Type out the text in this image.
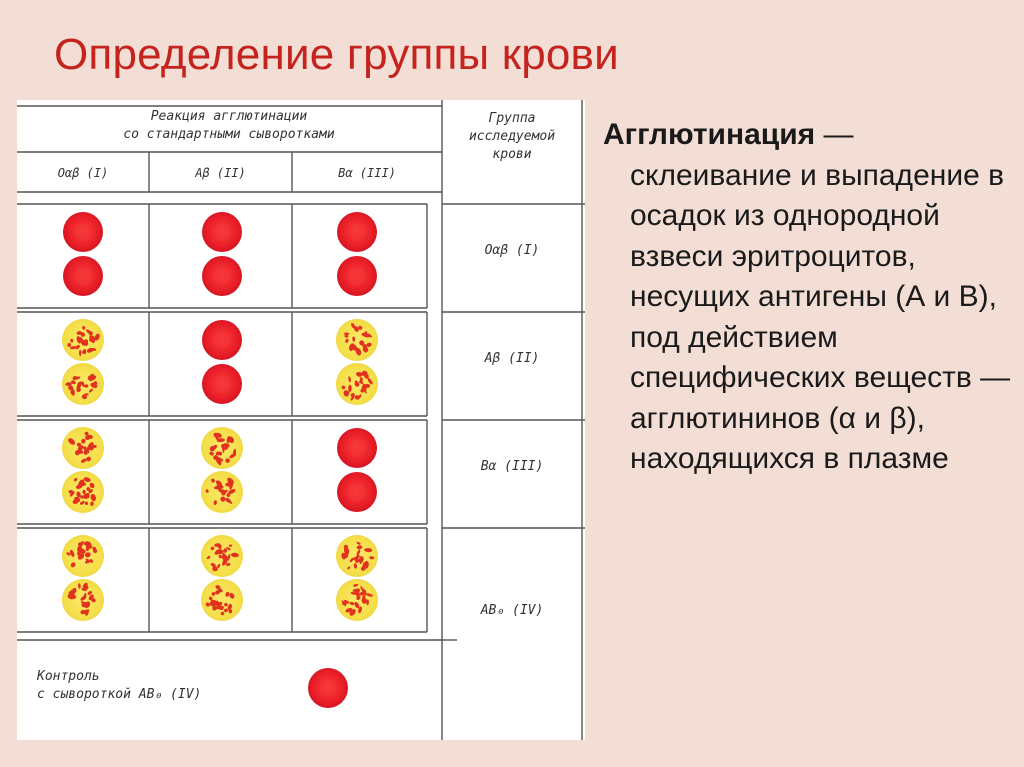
Определение группы крови
Реакция агглютинации
со стандартными сыворотками
Группа
исследуемой
крови
Oαβ (I)	Aβ (II)	Bα (III)
Oαβ (I)
Aβ (II)
Bα (III)
AB₀ (IV)
Контроль
с сывороткой AB₀ (IV)
Агглютинация —
склеивание и выпадение в осадок из однородной взвеси эритроцитов, несущих антигены (А и В), под действием специфических веществ — агглютининов (α и β), находящихся в плазме
